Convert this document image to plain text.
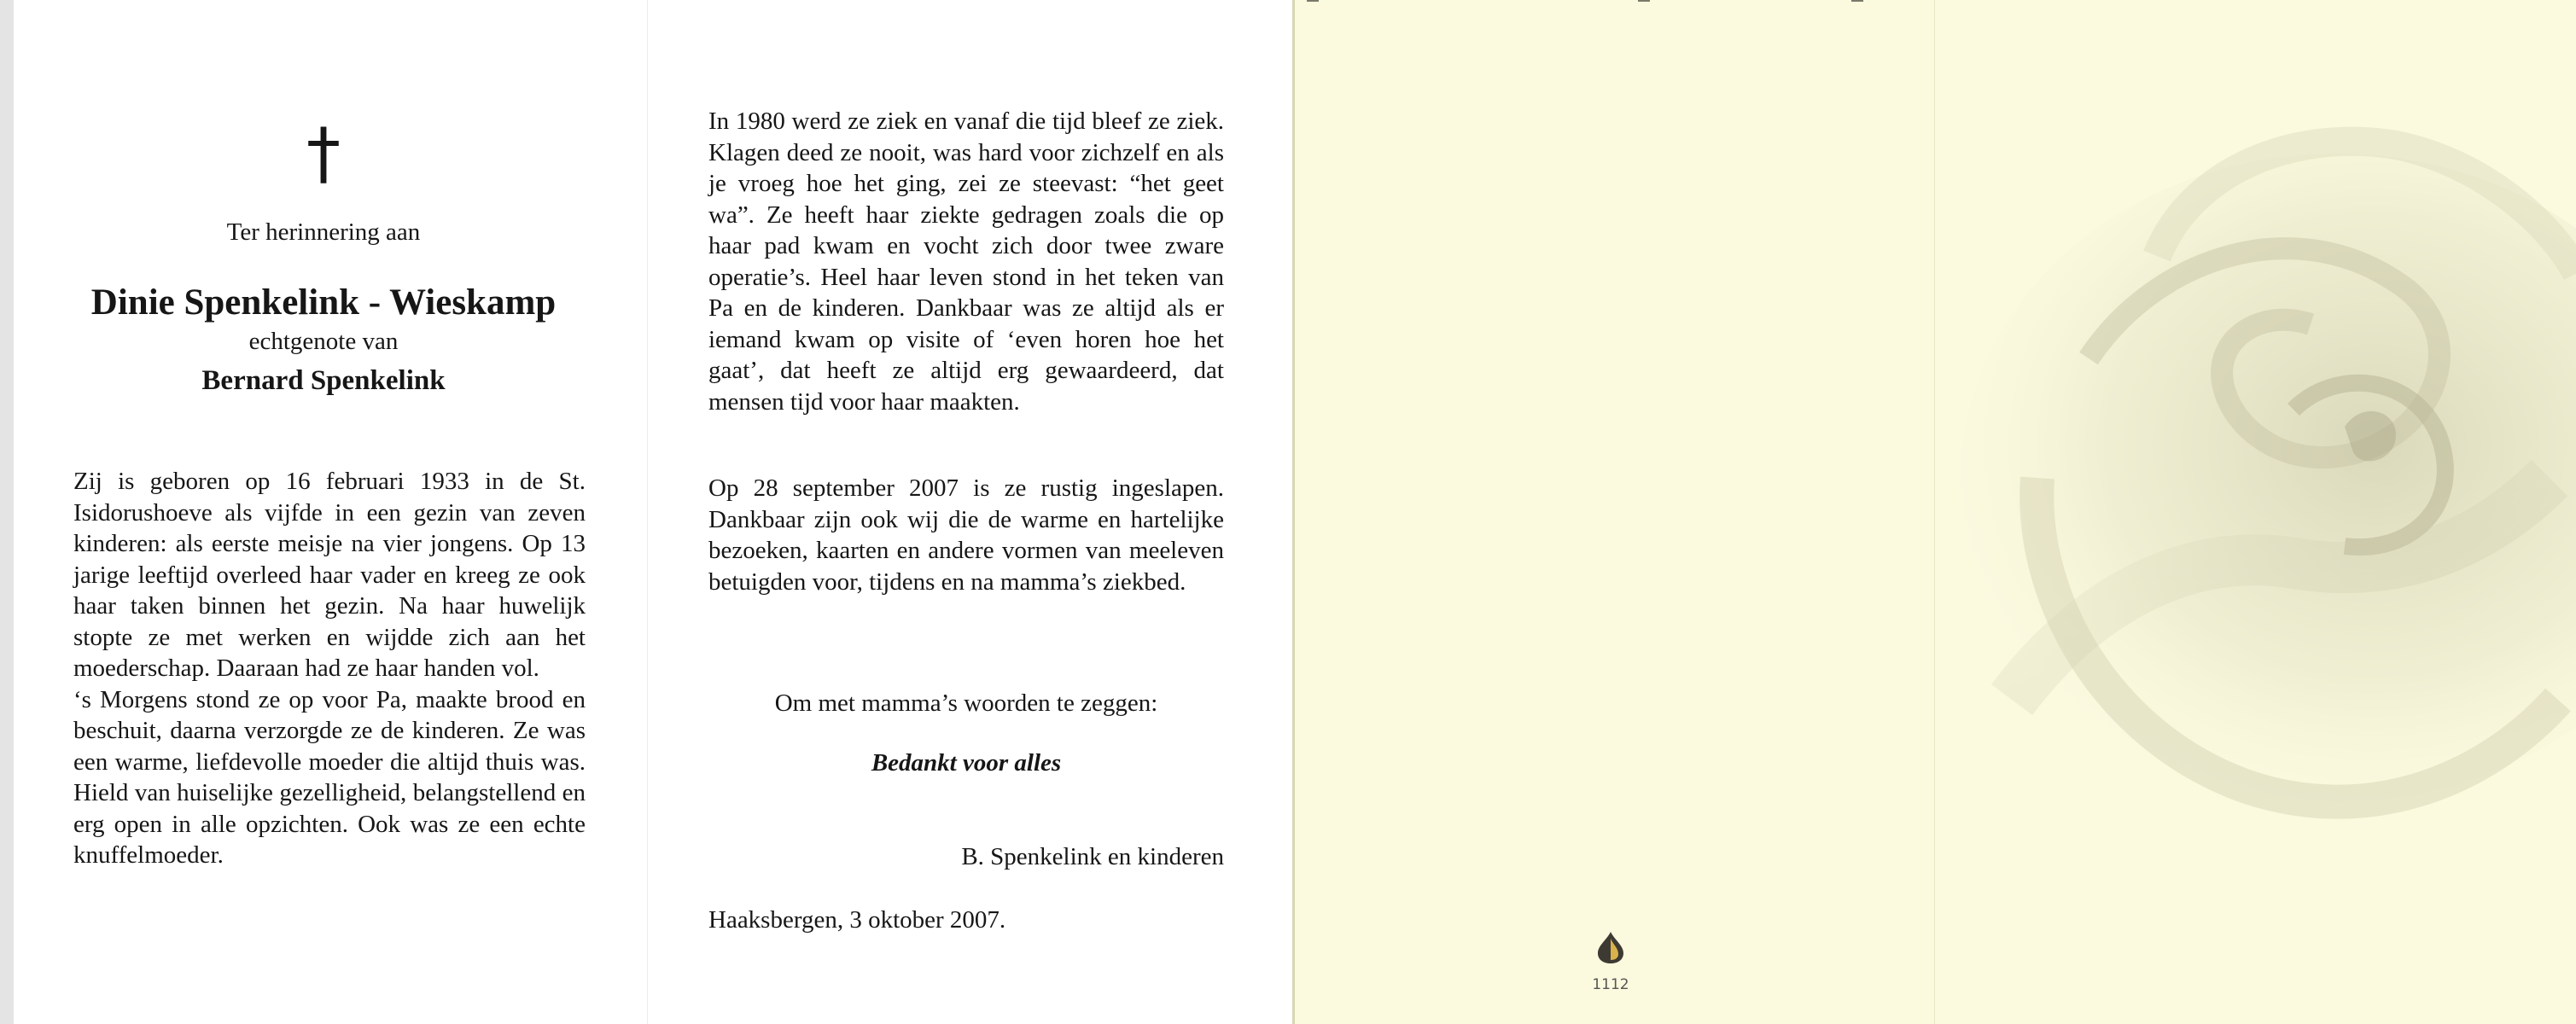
†
Ter herinnering aan
Dinie Spenkelink - Wieskamp
echtgenote van
Bernard Spenkelink

Zij is geboren op 16 februari 1933 in de St. Isidorushoeve als vijfde in een gezin van zeven kinderen: als eerste meisje na vier jongens. Op 13 jarige leeftijd overleed haar vader en kreeg ze ook haar taken binnen het gezin. Na haar huwelijk stopte ze met werken en wijdde zich aan het moederschap. Daaraan had ze haar handen vol.

‘s Morgens stond ze op voor Pa, maakte brood en beschuit, daarna verzorgde ze de kinderen. Ze was een warme, liefdevolle moeder die altijd thuis was. Hield van huiselijke gezelligheid, belangstellend en erg open in alle opzichten. Ook was ze een echte knuffelmoeder.

In 1980 werd ze ziek en vanaf die tijd bleef ze ziek. Klagen deed ze nooit, was hard voor zichzelf en als je vroeg hoe het ging, zei ze steevast: “het geet wa”. Ze heeft haar ziekte gedragen zoals die op haar pad kwam en vocht zich door twee zware operatie’s. Heel haar leven stond in het teken van Pa en de kinderen. Dankbaar was ze altijd als er iemand kwam op visite of ‘even horen hoe het gaat’, dat heeft ze altijd erg gewaardeerd, dat mensen tijd voor haar maakten.

Op 28 september 2007 is ze rustig ingeslapen. Dankbaar zijn ook wij die de warme en hartelijke bezoeken, kaarten en andere vormen van meeleven betuigden voor, tijdens en na mamma’s ziekbed.

Om met mamma’s woorden te zeggen:
Bedankt voor alles
B. Spenkelink en kinderen
Haaksbergen, 3 oktober 2007.
1112
